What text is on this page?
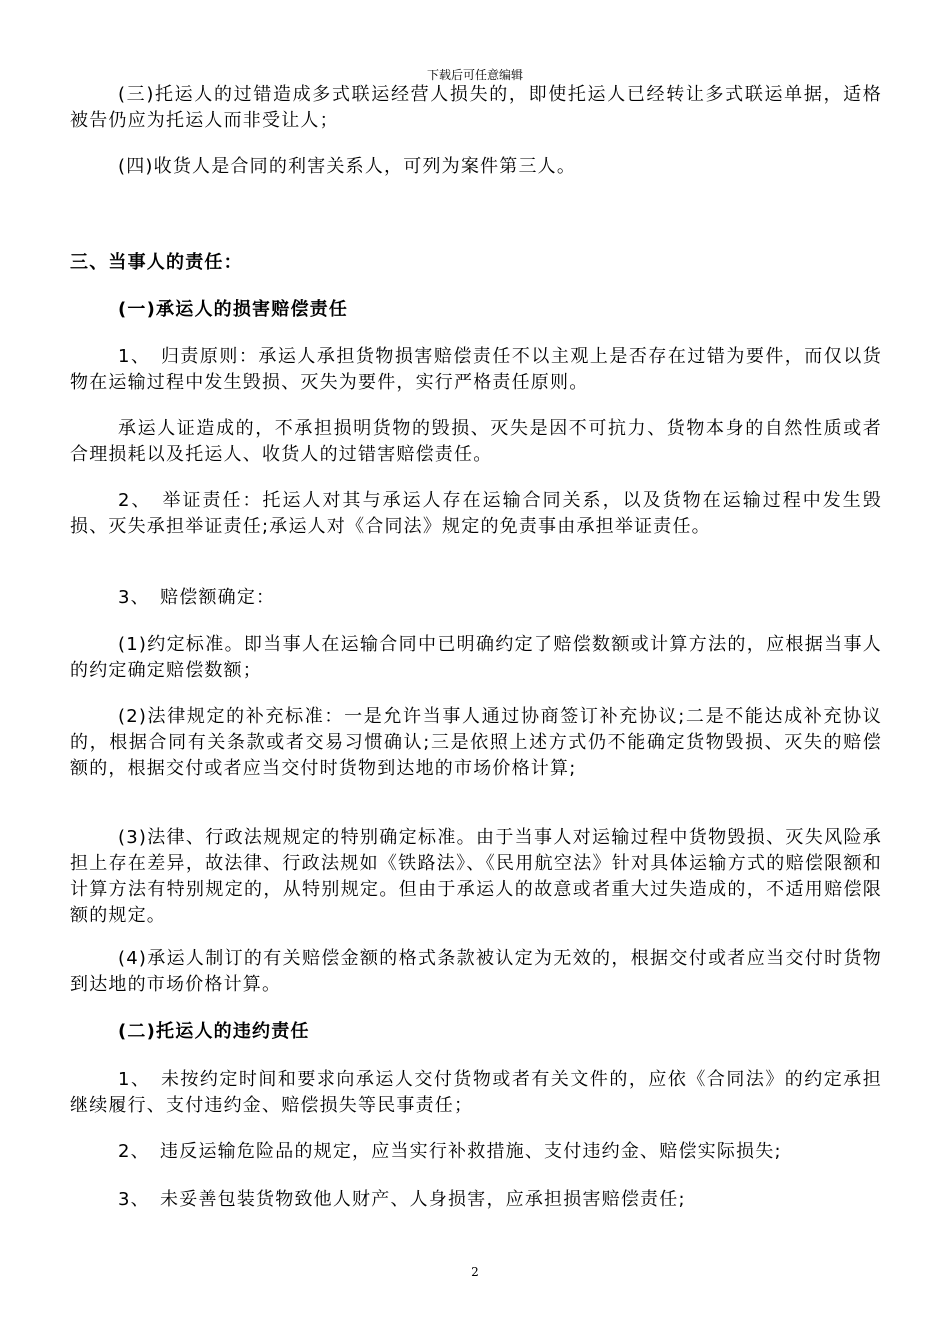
下载后可任意编辑

(三)托运人的过错造成多式联运经营人损失的，即使托运人已经转让多式联运单据，适格被告仍应为托运人而非受让人；

(四)收货人是合同的利害关系人，可列为案件第三人。

三、当事人的责任：

(一)承运人的损害赔偿责任

1、　归责原则：承运人承担货物损害赔偿责任不以主观上是否存在过错为要件，而仅以货物在运输过程中发生毁损、灭失为要件，实行严格责任原则。

承运人证造成的，不承担损明货物的毁损、灭失是因不可抗力、货物本身的自然性质或者合理损耗以及托运人、收货人的过错害赔偿责任。

2、　举证责任：托运人对其与承运人存在运输合同关系，以及货物在运输过程中发生毁损、灭失承担举证责任;承运人对《合同法》规定的免责事由承担举证责任。

3、　赔偿额确定：

(1)约定标准。即当事人在运输合同中已明确约定了赔偿数额或计算方法的，应根据当事人的约定确定赔偿数额；

(2)法律规定的补充标准：一是允许当事人通过协商签订补充协议;二是不能达成补充协议的，根据合同有关条款或者交易习惯确认;三是依照上述方式仍不能确定货物毁损、灭失的赔偿额的，根据交付或者应当交付时货物到达地的市场价格计算;

(3)法律、行政法规规定的特别确定标准。由于当事人对运输过程中货物毁损、灭失风险承担上存在差异，故法律、行政法规如《铁路法》、《民用航空法》针对具体运输方式的赔偿限额和计算方法有特别规定的，从特别规定。但由于承运人的故意或者重大过失造成的，不适用赔偿限额的规定。

(4)承运人制订的有关赔偿金额的格式条款被认定为无效的，根据交付或者应当交付时货物到达地的市场价格计算。

(二)托运人的违约责任

1、　未按约定时间和要求向承运人交付货物或者有关文件的，应依《合同法》的约定承担继续履行、支付违约金、赔偿损失等民事责任；

2、　违反运输危险品的规定，应当实行补救措施、支付违约金、赔偿实际损失;

3、　未妥善包装货物致他人财产、人身损害，应承担损害赔偿责任;

2
